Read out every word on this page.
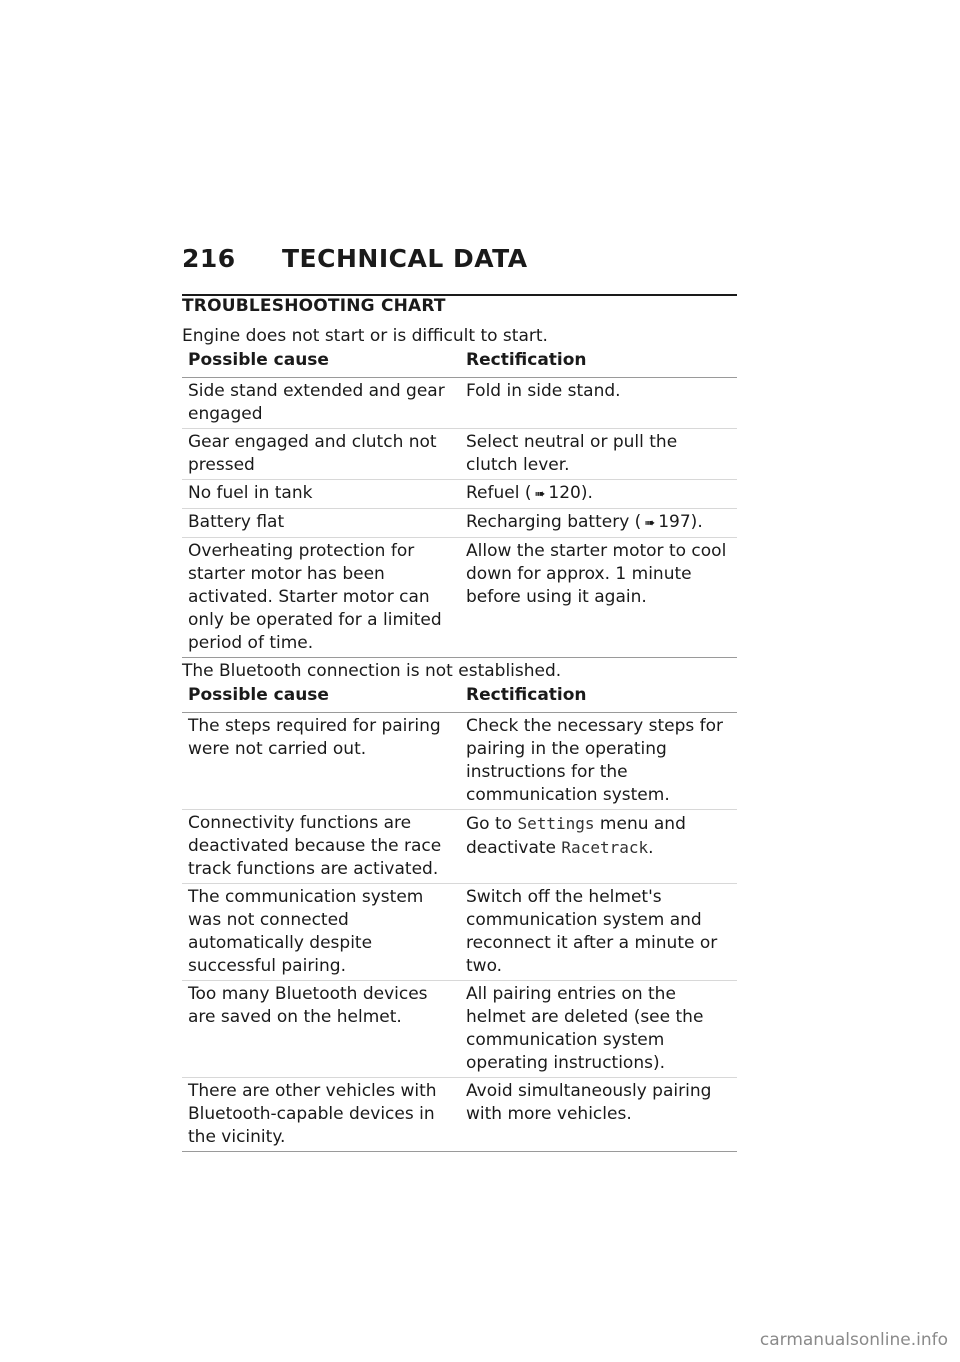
216 TECHNICAL DATA
TROUBLESHOOTING CHART
Engine does not start or is difficult to start.
Possible cause	Rectification
Side stand extended and gear engaged	Fold in side stand.
Gear engaged and clutch not pressed	Select neutral or pull the clutch lever.
No fuel in tank	Refuel ( ➠ 120).
Battery flat	Recharging battery ( ➠ 197).
Overheating protection for starter motor has been activated. Starter motor can only be operated for a limited period of time.	Allow the starter motor to cool down for approx. 1 minute before using it again.
The Bluetooth connection is not established.
Possible cause	Rectification
The steps required for pairing were not carried out.	Check the necessary steps for pairing in the operating instructions for the communication system.
Connectivity functions are deactivated because the race track functions are activated.	Go to Settings menu and deactivate Racetrack.
The communication system was not connected automatically despite successful pairing.	Switch off the helmet's communication system and reconnect it after a minute or two.
Too many Bluetooth devices are saved on the helmet.	All pairing entries on the helmet are deleted (see the communication system operating instructions).
There are other vehicles with Bluetooth-capable devices in the vicinity.	Avoid simultaneously pairing with more vehicles.
carmanualsonline.info
